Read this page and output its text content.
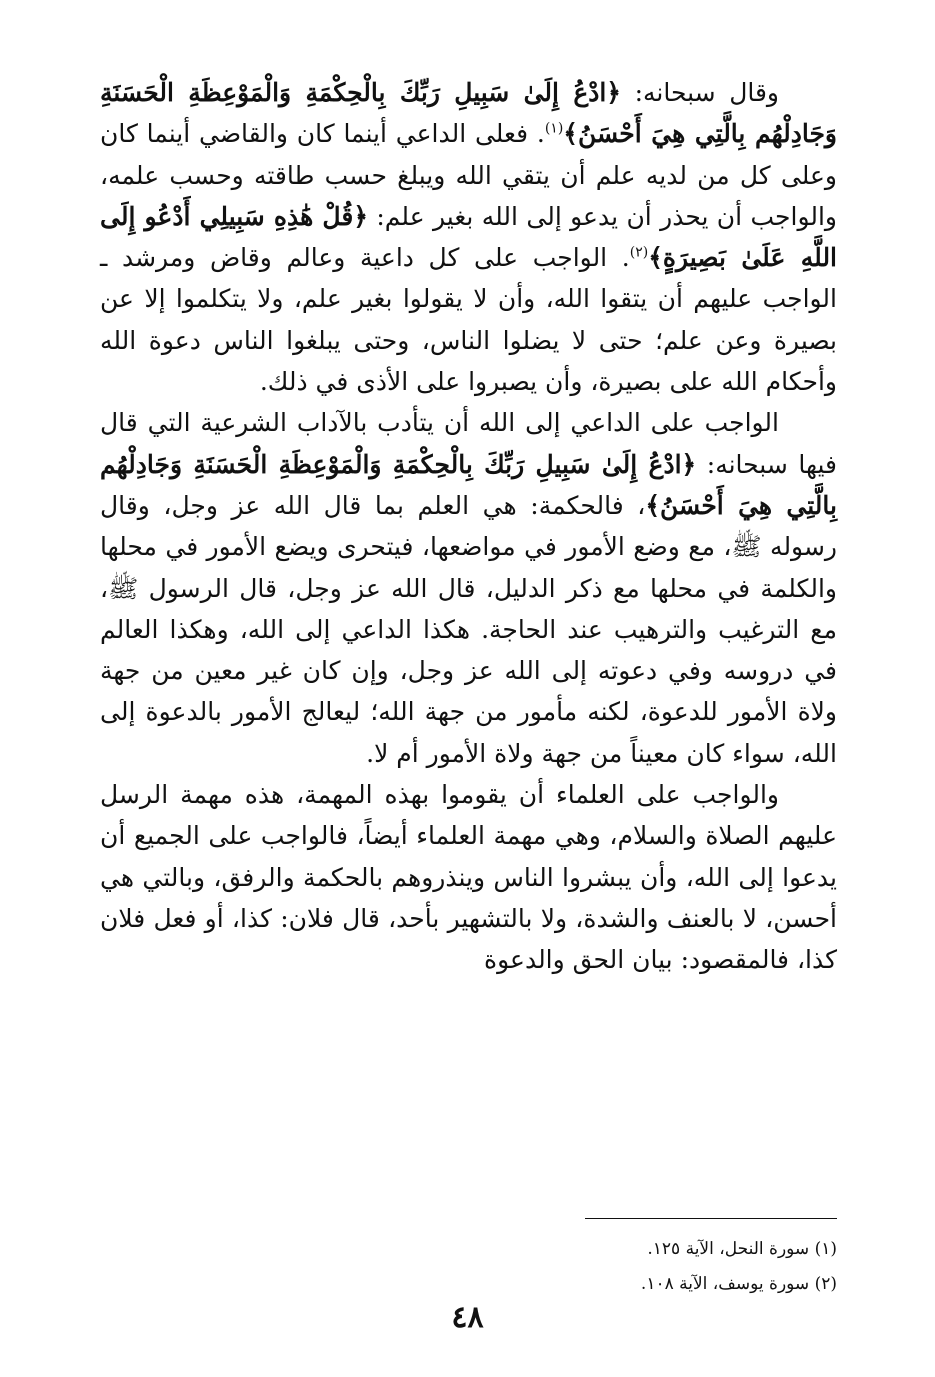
وقال سبحانه: ﴿ادْعُ إِلَىٰ سَبِيلِ رَبِّكَ بِالْحِكْمَةِ وَالْمَوْعِظَةِ الْحَسَنَةِ وَجَادِلْهُم بِالَّتِي هِيَ أَحْسَنُ﴾$^{(١)}$. فعلى الداعي أينما كان والقاضي أينما كان وعلى كل من لديه علم أن يتقي الله ويبلغ حسب طاقته وحسب علمه، والواجب أن يحذر أن يدعو إلى الله بغير علم: ﴿قُلْ هَٰذِهِ سَبِيلِي أَدْعُو إِلَى اللَّهِ عَلَىٰ بَصِيرَةٍ﴾$^{(٢)}$. الواجب على كل داعية وعالم وقاض ومرشد ـ الواجب عليهم أن يتقوا الله، وأن لا يقولوا بغير علم، ولا يتكلموا إلا عن بصيرة وعن علم؛ حتى لا يضلوا الناس، وحتى يبلغوا الناس دعوة الله وأحكام الله على بصيرة، وأن يصبروا على الأذى في ذلك.

الواجب على الداعي إلى الله أن يتأدب بالآداب الشرعية التي قال فيها سبحانه: ﴿ادْعُ إِلَىٰ سَبِيلِ رَبِّكَ بِالْحِكْمَةِ وَالْمَوْعِظَةِ الْحَسَنَةِ وَجَادِلْهُم بِالَّتِي هِيَ أَحْسَنُ﴾، فالحكمة: هي العلم بما قال الله عز وجل، وقال رسوله ﷺ، مع وضع الأمور في مواضعها، فيتحرى ويضع الأمور في محلها والكلمة في محلها مع ذكر الدليل، قال الله عز وجل، قال الرسول ﷺ، مع الترغيب والترهيب عند الحاجة. هكذا الداعي إلى الله، وهكذا العالم في دروسه وفي دعوته إلى الله عز وجل، وإن كان غير معين من جهة ولاة الأمور للدعوة، لكنه مأمور من جهة الله؛ ليعالج الأمور بالدعوة إلى الله، سواء كان معيناً من جهة ولاة الأمور أم لا.

والواجب على العلماء أن يقوموا بهذه المهمة، هذه مهمة الرسل عليهم الصلاة والسلام، وهي مهمة العلماء أيضاً، فالواجب على الجميع أن يدعوا إلى الله، وأن يبشروا الناس وينذروهم بالحكمة والرفق، وبالتي هي أحسن، لا بالعنف والشدة، ولا بالتشهير بأحد، قال فلان: كذا، أو فعل فلان كذا، فالمقصود: بيان الحق والدعوة

(١) سورة النحل، الآية ١٢٥.

(٢) سورة يوسف، الآية ١٠٨.

٤٨
